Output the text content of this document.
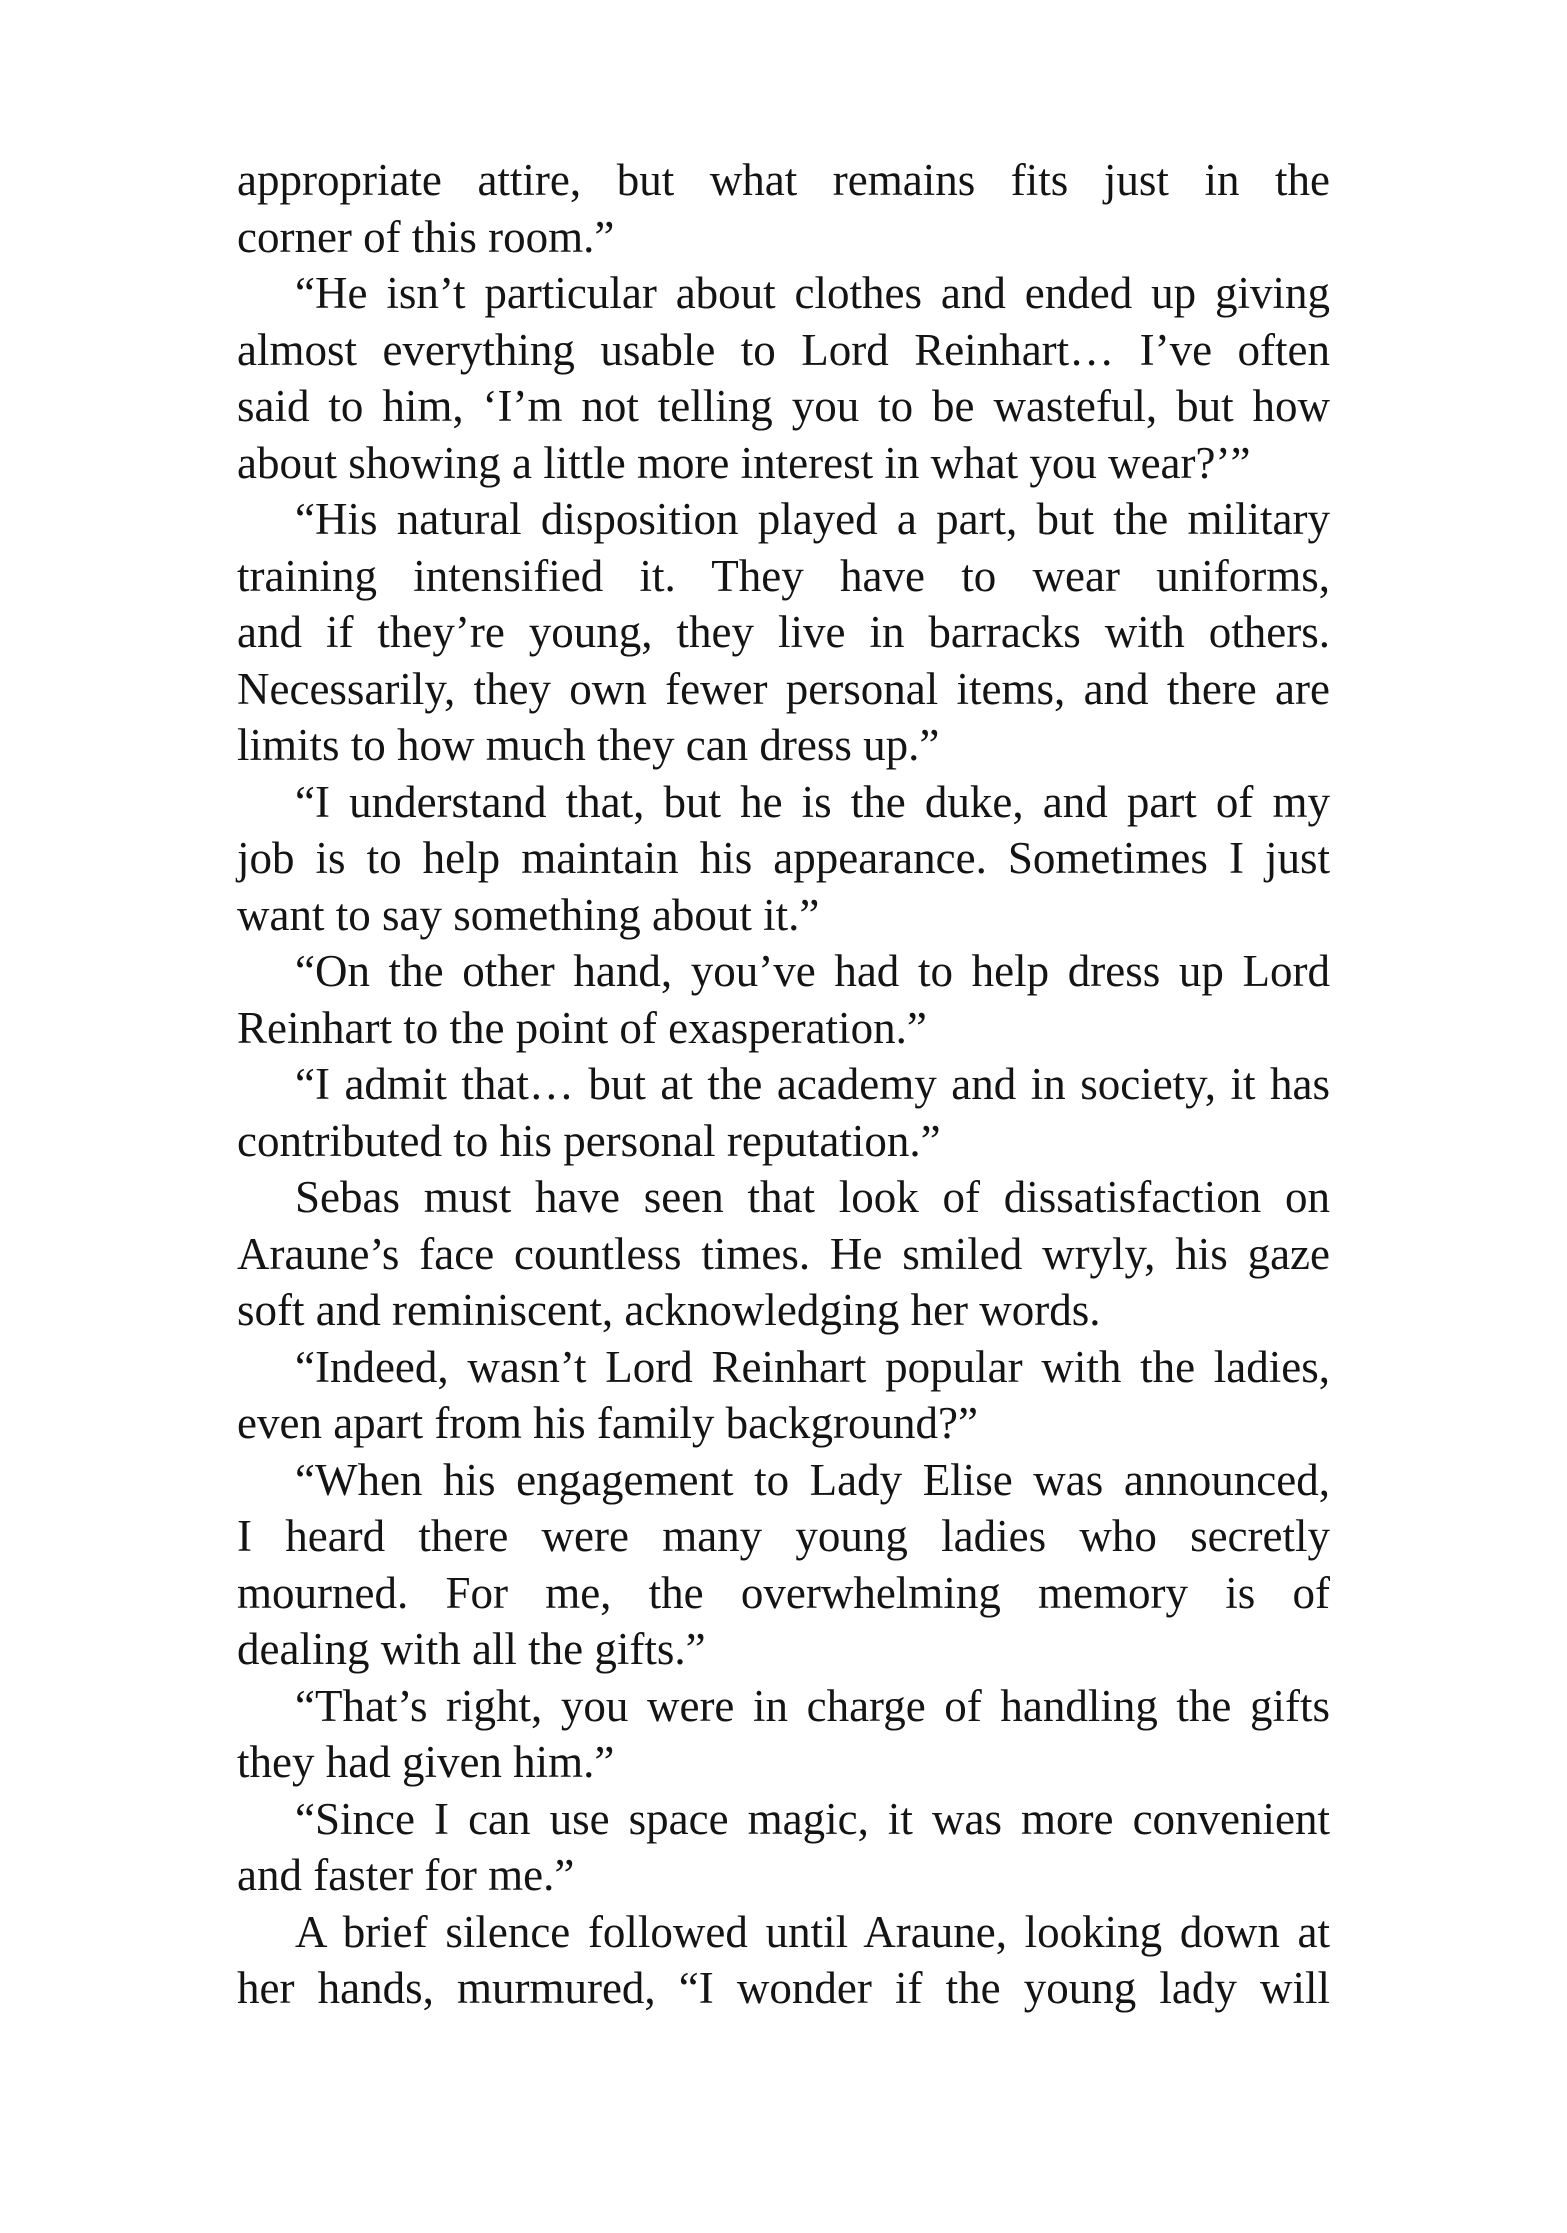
appropriate attire, but what remains fits just in the
corner of this room.”

“He isn’t particular about clothes and ended up giving
almost everything usable to Lord Reinhart… I’ve often
said to him, ‘I’m not telling you to be wasteful, but how
about showing a little more interest in what you wear?’”

“His natural disposition played a part, but the military
training intensified it. They have to wear uniforms,
and if they’re young, they live in barracks with others.
Necessarily, they own fewer personal items, and there are
limits to how much they can dress up.”

“I understand that, but he is the duke, and part of my
job is to help maintain his appearance. Sometimes I just
want to say something about it.”

“On the other hand, you’ve had to help dress up Lord
Reinhart to the point of exasperation.”

“I admit that… but at the academy and in society, it has
contributed to his personal reputation.”

Sebas must have seen that look of dissatisfaction on
Araune’s face countless times. He smiled wryly, his gaze
soft and reminiscent, acknowledging her words.

“Indeed, wasn’t Lord Reinhart popular with the ladies,
even apart from his family background?”

“When his engagement to Lady Elise was announced,
I heard there were many young ladies who secretly
mourned. For me, the overwhelming memory is of
dealing with all the gifts.”

“That’s right, you were in charge of handling the gifts
they had given him.”

“Since I can use space magic, it was more convenient
and faster for me.”

A brief silence followed until Araune, looking down at
her hands, murmured, “I wonder if the young lady will
